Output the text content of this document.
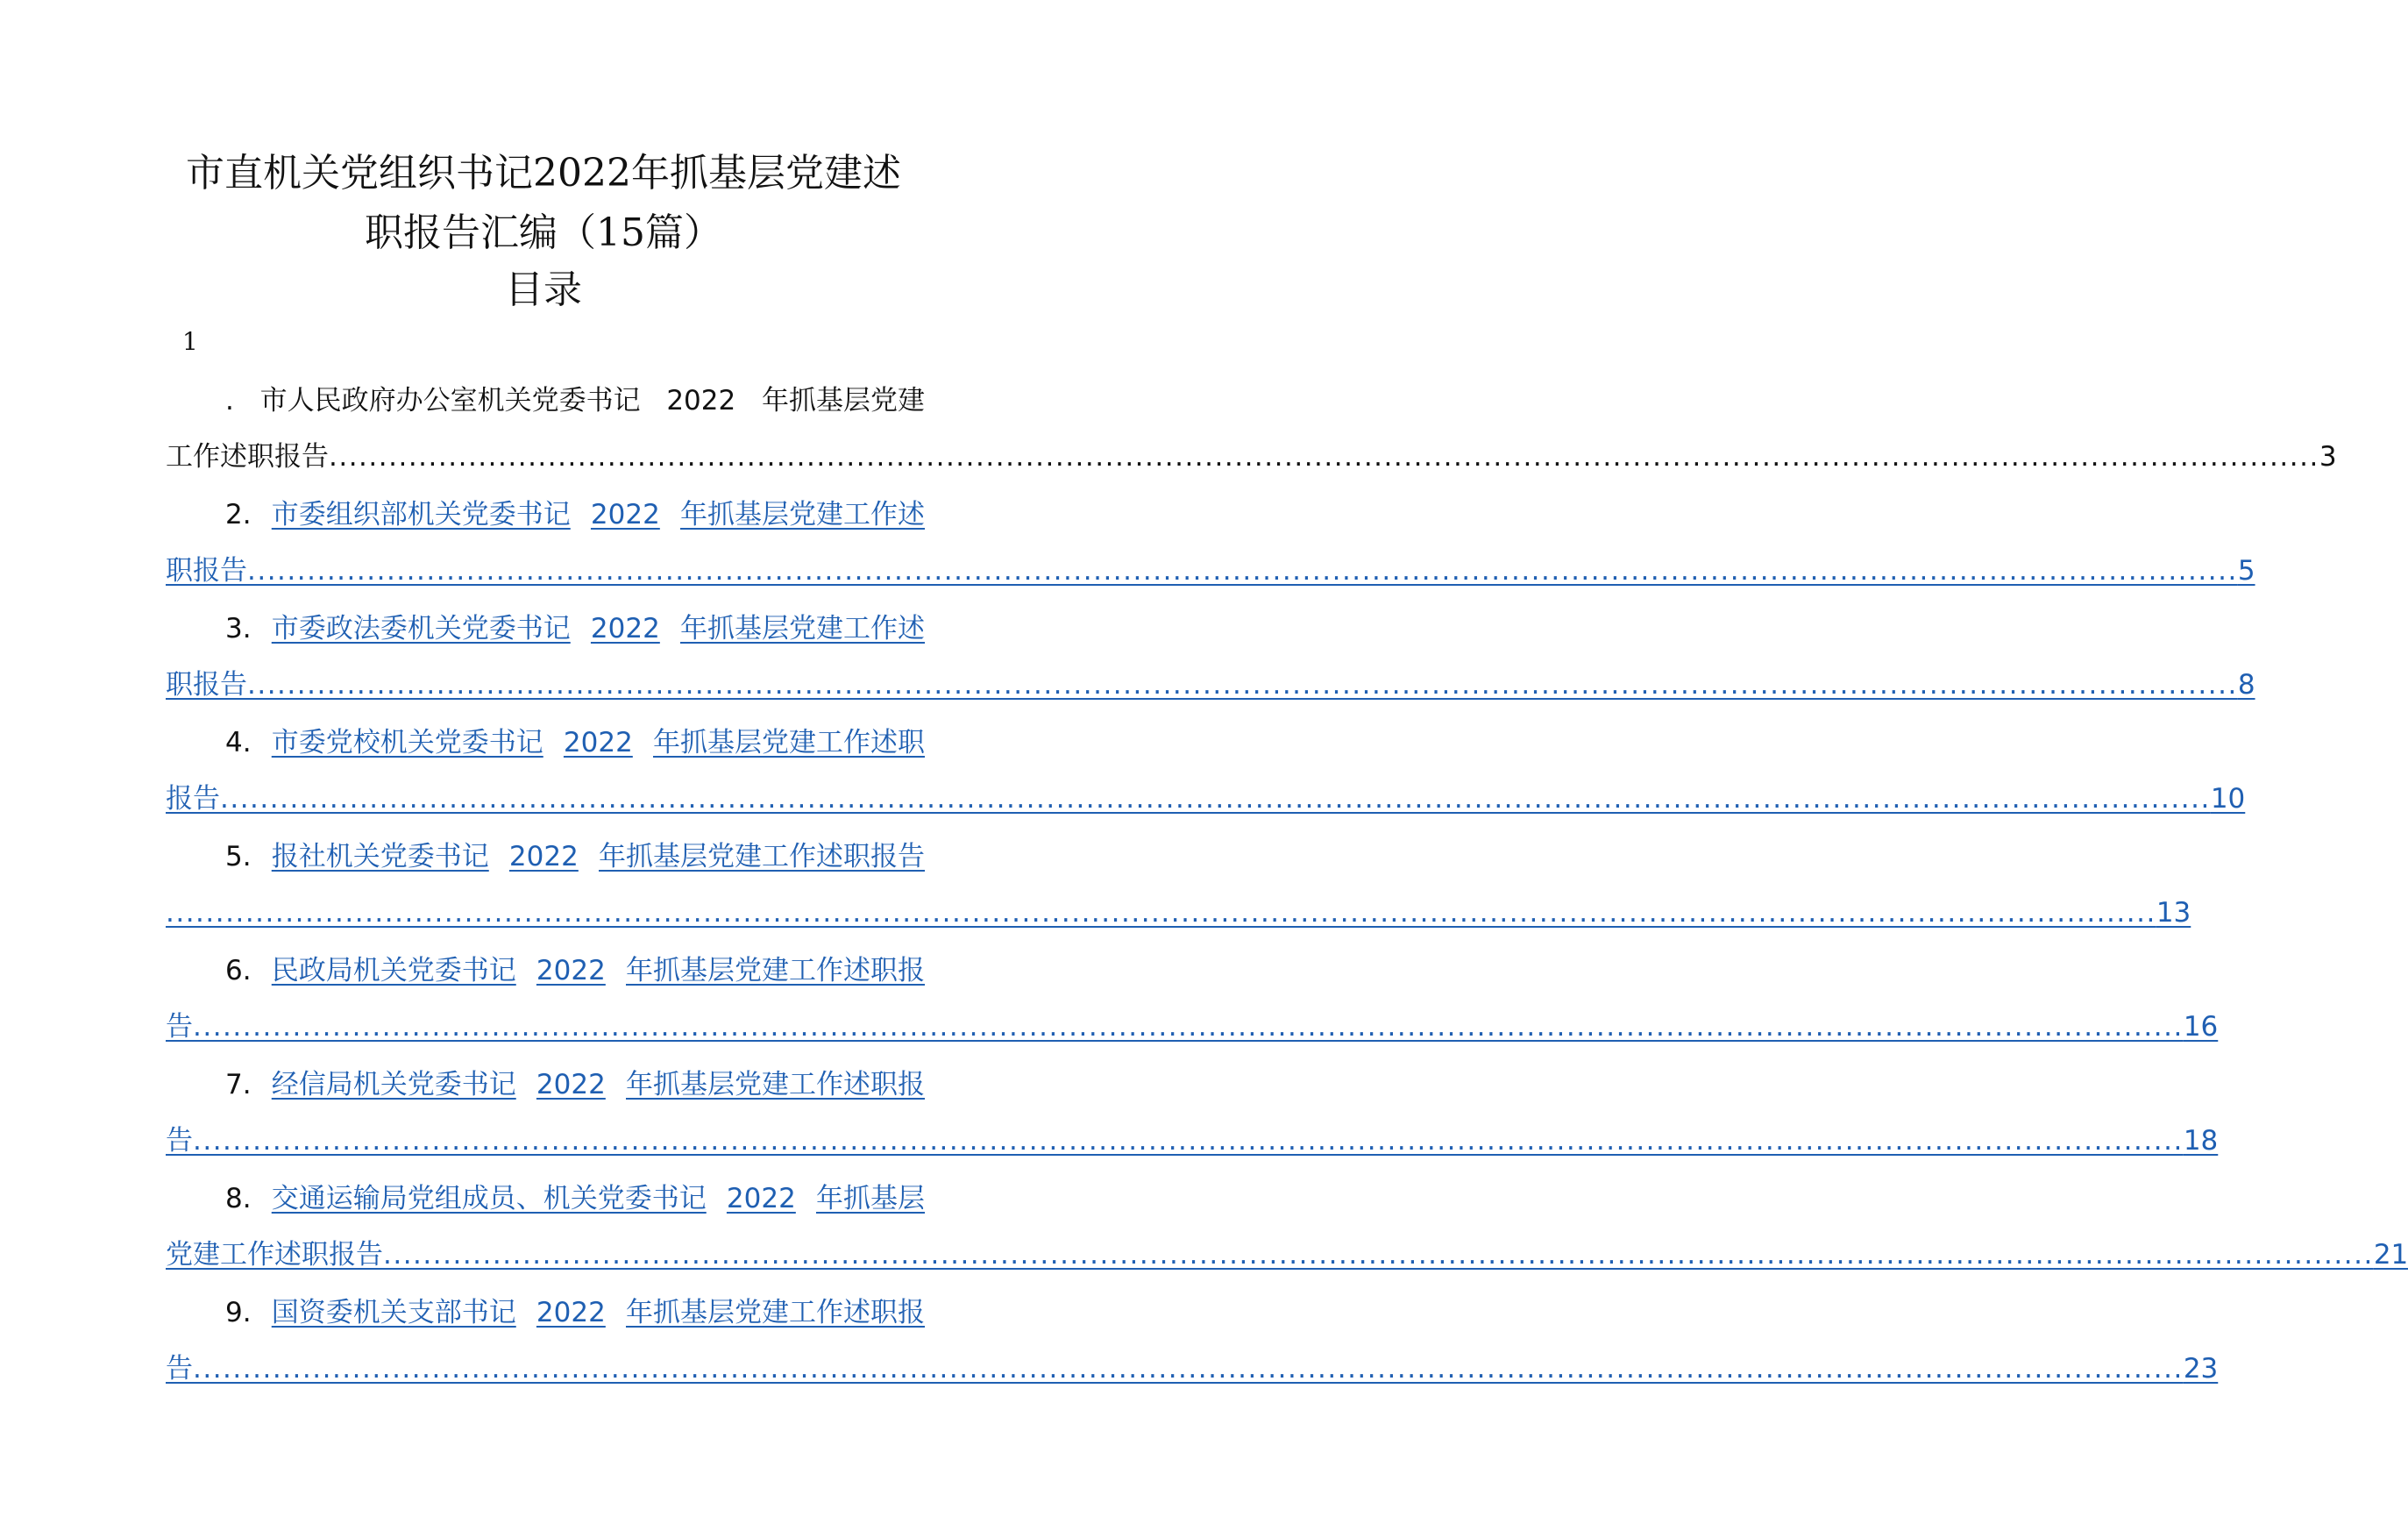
市直机关党组织书记2022年抓基层党建述
职报告汇编（15篇）
目录
1
. 市人民政府办公室机关党委书记 2022 年抓基层党建
工作述职报告 ........................................................................................................................................................................................................ 3
2. 市委组织部机关党委书记 2022 年抓基层党建工作述
职报告 ........................................................................................................................................................................................................ 5
3. 市委政法委机关党委书记 2022 年抓基层党建工作述
职报告 ........................................................................................................................................................................................................ 8
4. 市委党校机关党委书记 2022 年抓基层党建工作述职
报告 ........................................................................................................................................................................................................ 10
5. 报社机关党委书记 2022 年抓基层党建工作述职报告
........................................................................................................................................................................................................ 13
6. 民政局机关党委书记 2022 年抓基层党建工作述职报
告 ........................................................................................................................................................................................................ 16
7. 经信局机关党委书记 2022 年抓基层党建工作述职报
告 ........................................................................................................................................................................................................ 18
8. 交通运输局党组成员、机关党委书记 2022 年抓基层
党建工作述职报告 ........................................................................................................................................................................................................ 21
9. 国资委机关支部书记 2022 年抓基层党建工作述职报
告 ........................................................................................................................................................................................................ 23
